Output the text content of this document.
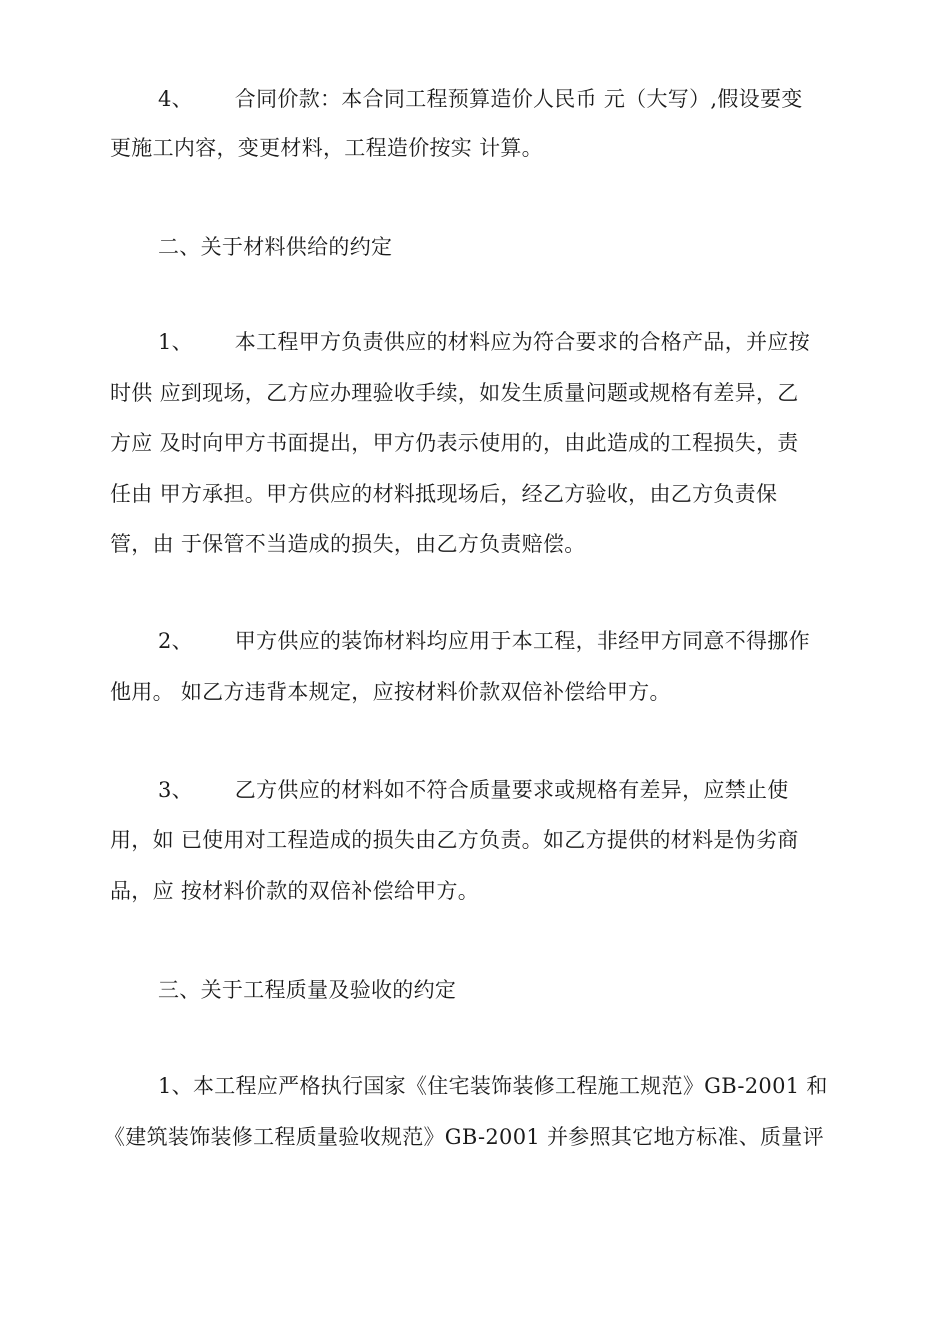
4、      合同价款：本合同工程预算造价人民币 元（大写）,假设要变
更施工内容，变更材料，工程造价按实 计算。
二、关于材料供给的约定
1、      本工程甲方负责供应的材料应为符合要求的合格产品，并应按
时供 应到现场，乙方应办理验收手续，如发生质量问题或规格有差异，乙
方应 及时向甲方书面提出，甲方仍表示使用的，由此造成的工程损失，责
任由 甲方承担。甲方供应的材料抵现场后，经乙方验收，由乙方负责保
管，由 于保管不当造成的损失，由乙方负责赔偿。
2、      甲方供应的装饰材料均应用于本工程，非经甲方同意不得挪作
他用。 如乙方违背本规定，应按材料价款双倍补偿给甲方。
3、      乙方供应的材料如不符合质量要求或规格有差异，应禁止使
用，如 已使用对工程造成的损失由乙方负责。如乙方提供的材料是伪劣商
品，应 按材料价款的双倍补偿给甲方。
三、关于工程质量及验收的约定
1、本工程应严格执行国家《住宅装饰装修工程施工规范》GB-2001 和
《建筑装饰装修工程质量验收规范》GB-2001 并参照其它地方标准、质量评
